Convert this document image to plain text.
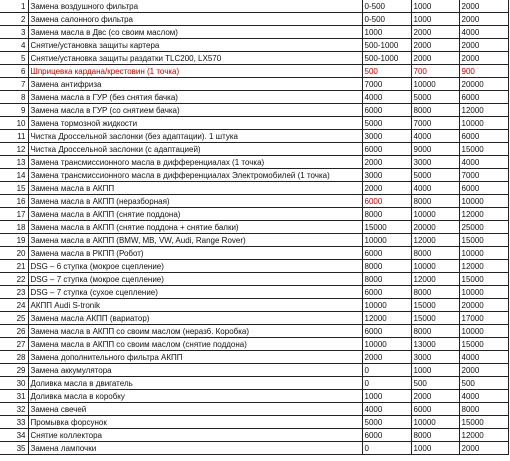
1	Замена воздушного фильтра	0-500	1000	2000
2	Замена салонного фильтра	0-500	1000	2000
3	Замена масла в Двс (со своим маслом)	1000	2000	4000
4	Снятие/установка защиты картера	500-1000	2000	2000
5	Снятие/установка защиты раздатки TLC200, LX570	500-1000	2000	2000
6	Шприцевка кардана/крестовин (1 точка)	500	700	900
7	Замена антифриза	7000	10000	20000
8	Замена масла в ГУР (без снятия бачка)	4000	5000	6000
9	Замена масла в ГУР (со снятием бачка)	6000	8000	12000
10	Замена тормозной жидкости	5000	7000	10000
11	Чистка Дроссельной заслонки (без адаптации). 1 штука	3000	4000	6000
12	Чистка Дроссельной заслонки (с адаптацией)	6000	9000	15000
13	Замена трансмиссионного масла в дифференциалах (1 точка)	2000	3000	4000
14	Замена трансмиссионного масла в дифференциалах Электромобилей (1 точка)	3000	5000	7000
15	Замена масла в АКПП	2000	4000	6000
16	Замена масла в АКПП (неразборная)	6000	8000	10000
17	Замена масла в АКПП (снятие поддона)	8000	10000	12000
18	Замена масла в АКПП (снятие поддона + снятие балки)	15000	20000	25000
19	Замена масла в АКПП (BMW, MB, VW, Audi, Range Rover)	10000	12000	15000
20	Замена масла в РКПП (Робот)	6000	8000	10000
21	DSG – 6 ступка (мокрое сцепление)	8000	10000	12000
22	DSG – 7 ступка (мокрое сцепление)	8000	12000	15000
23	DSG – 7 ступка (сухое сцепление)	6000	8000	10000
24	АКПП Audi S-tronik	10000	15000	20000
25	Замена масла АКПП (вариатор)	12000	15000	17000
26	Замена масла в АКПП со своим маслом (нераз6. Коробка)	6000	8000	10000
27	Замена масла в АКПП со своим маслом (снятие поддона)	10000	13000	15000
28	Замена дополнительного фильтра АКПП	2000	3000	4000
29	Замена аккумулятора	0	1000	2000
30	Доливка масла в двигатель	0	500	500
31	Доливка масла в коробку	1000	2000	4000
32	Замена свечей	4000	6000	8000
33	Промывка форсунок	5000	10000	15000
34	Снятие коллектора	6000	8000	12000
35	Замена лампочки	0	1000	2000
